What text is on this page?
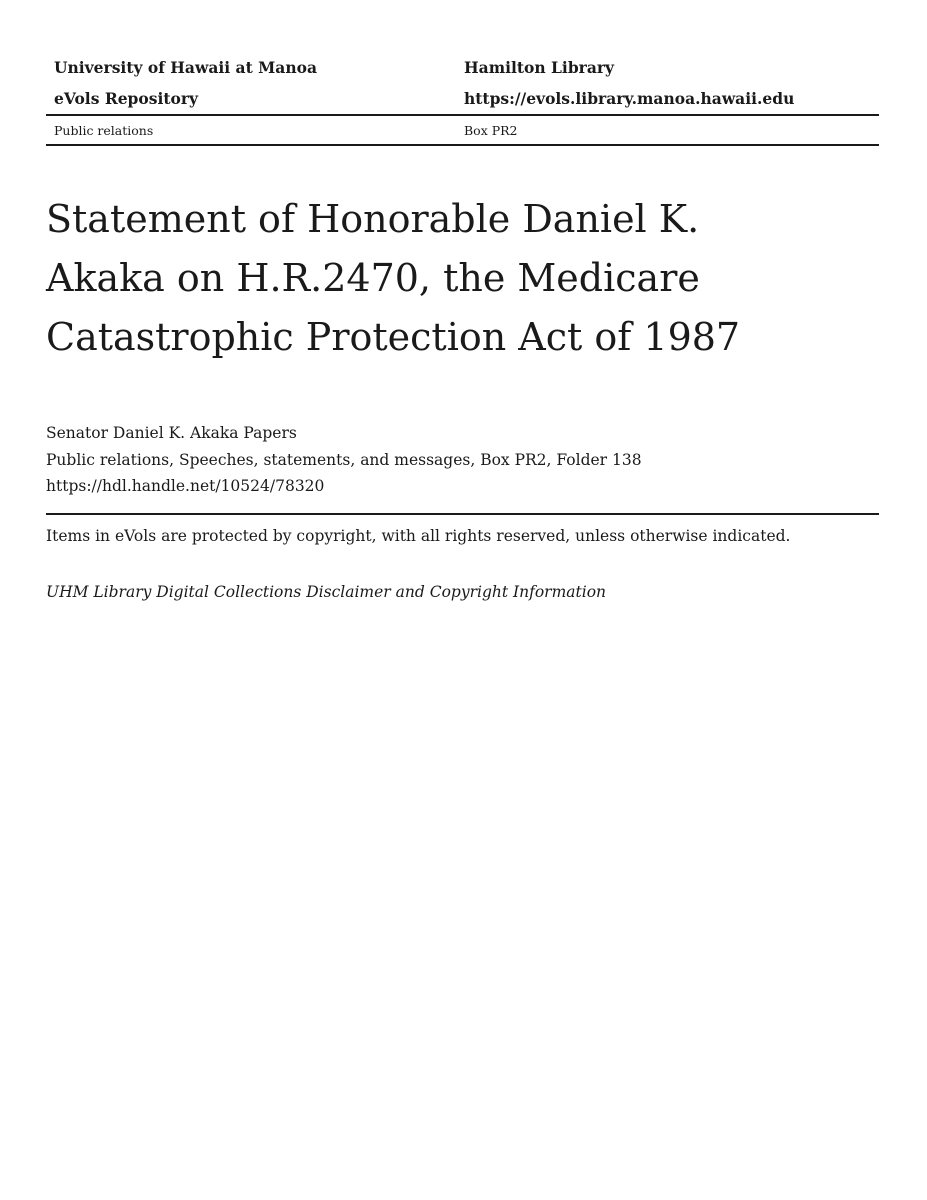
University of Hawaii at Manoa	Hamilton Library
eVols Repository	https://evols.library.manoa.hawaii.edu
Public relations	Box PR2
Statement of Honorable Daniel K. Akaka on H.R.2470, the Medicare Catastrophic Protection Act of 1987
Senator Daniel K. Akaka Papers
Public relations, Speeches, statements, and messages, Box PR2, Folder 138
https://hdl.handle.net/10524/78320
Items in eVols are protected by copyright, with all rights reserved, unless otherwise indicated.
UHM Library Digital Collections Disclaimer and Copyright Information
